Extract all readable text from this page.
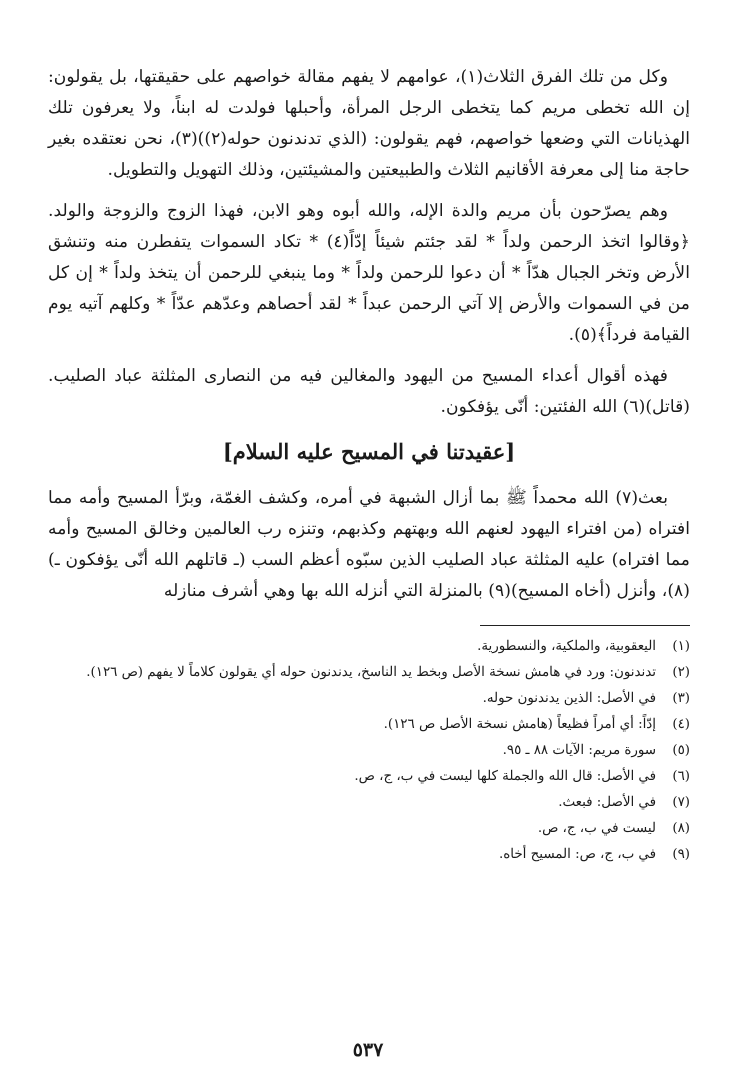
وكل من تلك الفرق الثلاث(١)، عوامهم لا يفهم مقالة خواصهم على حقيقتها، بل يقولون: إن الله تخطى مريم كما يتخطى الرجل المرأة، وأحبلها فولدت له ابناً، ولا يعرفون تلك الهذيانات التي وضعها خواصهم، فهم يقولون: (الذي تدندنون حوله(٢))(٣)، نحن نعتقده بغير حاجة منا إلى معرفة الأقانيم الثلاث والطبيعتين والمشيئتين، وذلك التهويل والتطويل.

وهم يصرّحون بأن مريم والدة الإله، والله أبوه وهو الابن، فهذا الزوج والزوجة والولد. ﴿وقالوا اتخذ الرحمن ولداً * لقد جئتم شيئاً إدّاً(٤) * تكاد السموات يتفطرن منه وتنشق الأرض وتخر الجبال هدّاً * أن دعوا للرحمن ولداً * وما ينبغي للرحمن أن يتخذ ولداً * إن كل من في السموات والأرض إلا آتي الرحمن عبداً * لقد أحصاهم وعدّهم عدّاً * وكلهم آتيه يوم القيامة فرداً﴾(٥).

فهذه أقوال أعداء المسيح من اليهود والمغالين فيه من النصارى المثلثة عباد الصليب. (قاتل)(٦) الله الفئتين: أنّى يؤفكون.

[عقيدتنا في المسيح عليه السلام]

بعث(٧) الله محمداً ﷺ بما أزال الشبهة في أمره، وكشف الغمّة، وبرّأ المسيح وأمه مما افتراه (من افتراء اليهود لعنهم الله وبهتهم وكذبهم، وتنزه رب العالمين وخالق المسيح وأمه مما افتراه) عليه المثلثة عباد الصليب الذين سبّوه أعظم السب (ـ قاتلهم الله أنّى يؤفكون ـ)(٨)، وأنزل (أخاه المسيح)(٩) بالمنزلة التي أنزله الله بها وهي أشرف منازله

(١)
اليعقوبية، والملكية، والنسطورية.
(٢)
تدندنون: ورد في هامش نسخة الأصل وبخط يد الناسخ، يدندنون حوله أي يقولون كلاماً لا يفهم (ص ١٢٦).
(٣)
في الأصل: الذين يدندنون حوله.
(٤)
إدّاً: أي أمراً فظيعاً (هامش نسخة الأصل ص ١٢٦).
(٥)
سورة مريم: الآيات ٨٨ ـ ٩٥.
(٦)
في الأصل: قال الله والجملة كلها ليست في ب، ج، ص.
(٧)
في الأصل: فبعث.
(٨)
ليست في ب، ج، ص.
(٩)
في ب، ج، ص: المسيح أخاه.
٥٣٧
